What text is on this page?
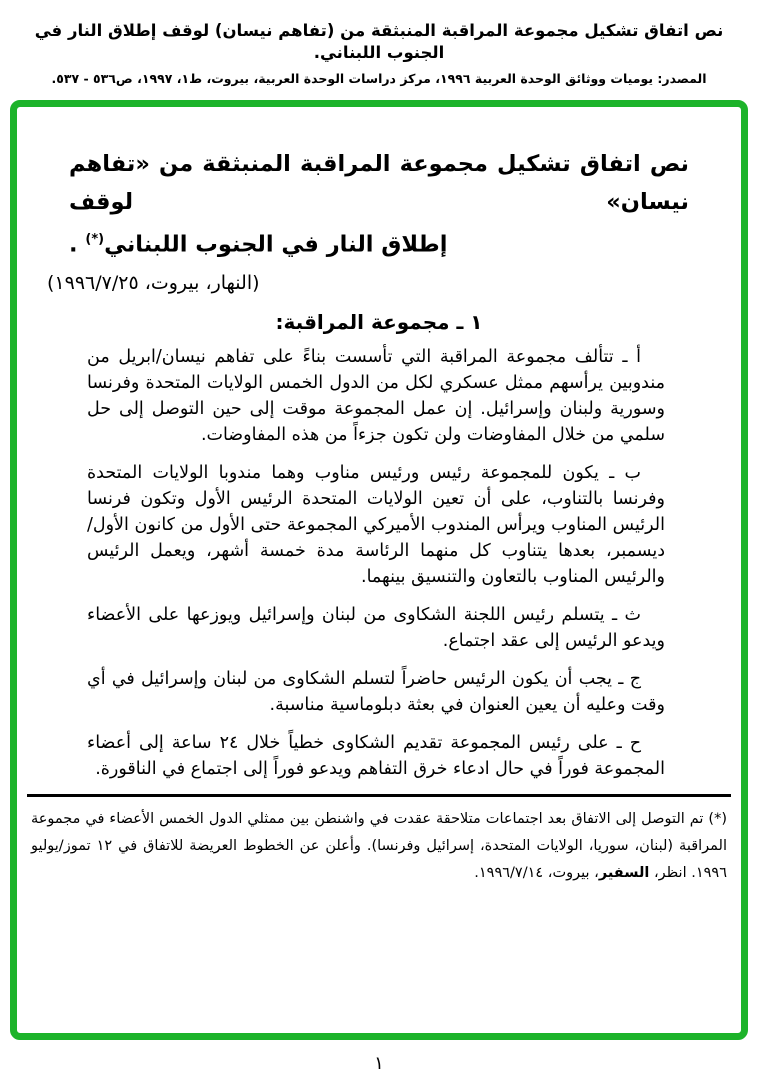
نص اتفاق تشكيل مجموعة المراقبة المنبثقة من (تفاهم نيسان) لوقف إطلاق النار في الجنوب اللبناني.
المصدر: يوميات ووثائق الوحدة العربية ١٩٩٦، مركز دراسات الوحدة العربية، بيروت، ط١، ١٩٩٧، ص٥٣٦ - ٥٣٧.
نص اتفاق تشكيل مجموعة المراقبة المنبثقة من «تفاهم نيسان» لوقف
إطلاق النار في الجنوب اللبناني(*) .
(النهار، بيروت، ١٩٩٦/٧/٢٥)
١ ـ مجموعة المراقبة:

أ ـ تتألف مجموعة المراقبة التي تأسست بناءً على تفاهم نيسان/ابريل من مندوبين يرأسهم ممثل عسكري لكل من الدول الخمس الولايات المتحدة وفرنسا وسورية ولبنان وإسرائيل. إن عمل المجموعة موقت إلى حين التوصل إلى حل سلمي من خلال المفاوضات ولن تكون جزءاً من هذه المفاوضات.

ب ـ يكون للمجموعة رئيس ورئيس مناوب وهما مندوبا الولايات المتحدة وفرنسا بالتناوب، على أن تعين الولايات المتحدة الرئيس الأول وتكون فرنسا الرئيس المناوب ويرأس المندوب الأميركي المجموعة حتى الأول من كانون الأول/ديسمبر، بعدها يتناوب كل منهما الرئاسة مدة خمسة أشهر، ويعمل الرئيس والرئيس المناوب بالتعاون والتنسيق بينهما.

ث ـ يتسلم رئيس اللجنة الشكاوى من لبنان وإسرائيل ويوزعها على الأعضاء ويدعو الرئيس إلى عقد اجتماع.

ج ـ يجب أن يكون الرئيس حاضراً لتسلم الشكاوى من لبنان وإسرائيل في أي وقت وعليه أن يعين العنوان في بعثة دبلوماسية مناسبة.

ح ـ على رئيس المجموعة تقديم الشكاوى خطياً خلال ٢٤ ساعة إلى أعضاء المجموعة فوراً في حال ادعاء خرق التفاهم ويدعو فوراً إلى اجتماع في الناقورة.

(*) تم التوصل إلى الاتفاق بعد اجتماعات متلاحقة عقدت في واشنطن بين ممثلي الدول الخمس الأعضاء في مجموعة المراقبة (لبنان، سوريا، الولايات المتحدة، إسرائيل وفرنسا). وأعلن عن الخطوط العريضة للاتفاق في ١٢ تموز/يوليو ١٩٩٦. انظر، السفير، بيروت، ١٩٩٦/٧/١٤.
١
